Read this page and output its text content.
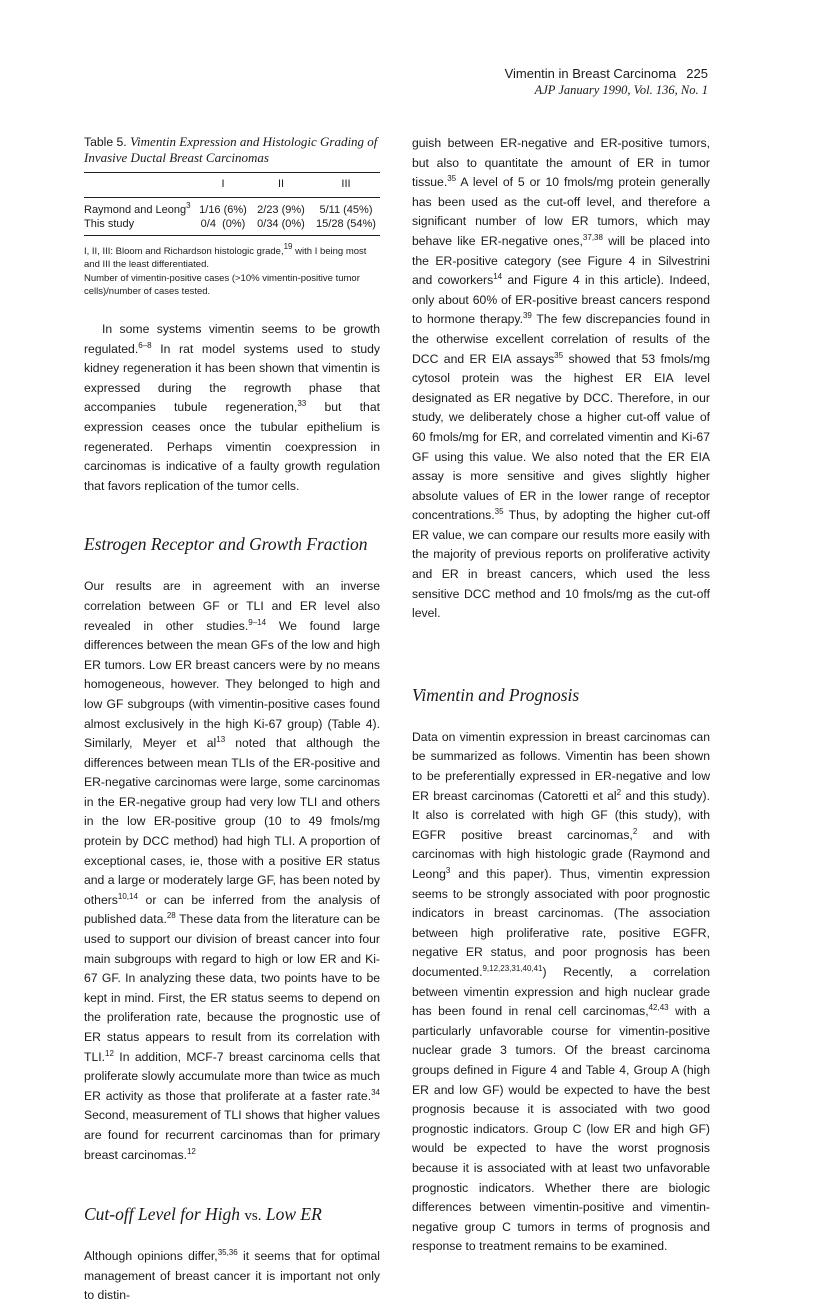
Vimentin in Breast Carcinoma 225
AJP January 1990, Vol. 136, No. 1
Table 5. Vimentin Expression and Histologic Grading of Invasive Ductal Breast Carcinomas
	I	II	III
Raymond and Leong$^3$	1/16 (6%)	2/23 (9%)	5/11 (45%)
This study	0/4  (0%)	0/34 (0%)	15/28 (54%)

I, II, III: Bloom and Richardson histologic grade,$^{19}$ with I being most and III the least differentiated.

Number of vimentin-positive cases (>10% vimentin-positive tumor cells)/number of cases tested.

In some systems vimentin seems to be growth regulated.$^{6-8}$ In rat model systems used to study kidney regeneration it has been shown that vimentin is expressed during the regrowth phase that accompanies tubule regeneration,$^{33}$ but that expression ceases once the tubular epithelium is regenerated. Perhaps vimentin coexpression in carcinomas is indicative of a faulty growth regulation that favors replication of the tumor cells.

Estrogen Receptor and Growth Fraction

Our results are in agreement with an inverse correlation between GF or TLI and ER level also revealed in other studies.$^{9-14}$ We found large differences between the mean GFs of the low and high ER tumors. Low ER breast cancers were by no means homogeneous, however. They belonged to high and low GF subgroups (with vimentin-positive cases found almost exclusively in the high Ki-67 group) (Table 4). Similarly, Meyer et $al^{13}$ noted that although the differences between mean TLIs of the ER-positive and ER-negative carcinomas were large, some carcinomas in the ER-negative group had very low TLI and others in the low ER-positive group (10 to 49 fmols/mg protein by DCC method) had high TLI. A proportion of exceptional cases, ie, those with a positive ER status and a large or moderately large GF, has been noted by others$^{10,14}$ or can be inferred from the analysis of published data.$^{28}$ These data from the literature can be used to support our division of breast cancer into four main subgroups with regard to high or low ER and Ki-67 GF. In analyzing these data, two points have to be kept in mind. First, the ER status seems to depend on the proliferation rate, because the prognostic use of ER status appears to result from its correlation with TLI.$^{12}$ In addition, MCF-7 breast carcinoma cells that proliferate slowly accumulate more than twice as much ER activity as those that proliferate at a faster rate.$^{34}$ Second, measurement of TLI shows that higher values are found for recurrent carcinomas than for primary breast carcinomas.$^{12}$

Cut-off Level for High vs. Low ER

Although opinions differ,$^{35,36}$ it seems that for optimal management of breast cancer it is important not only to distin-

guish between ER-negative and ER-positive tumors, but also to quantitate the amount of ER in tumor tissue.$^{35}$ A level of 5 or 10 fmols/mg protein generally has been used as the cut-off level, and therefore a significant number of low ER tumors, which may behave like ER-negative ones,$^{37,38}$ will be placed into the ER-positive category (see Figure 4 in Silvestrini and coworkers$^{14}$ and Figure 4 in this article). Indeed, only about 60% of ER-positive breast cancers respond to hormone therapy.$^{39}$ The few discrepancies found in the otherwise excellent correlation of results of the DCC and ER EIA assays$^{35}$ showed that 53 fmols/mg cytosol protein was the highest ER EIA level designated as ER negative by DCC. Therefore, in our study, we deliberately chose a higher cut-off value of 60 fmols/mg for ER, and correlated vimentin and Ki-67 GF using this value. We also noted that the ER EIA assay is more sensitive and gives slightly higher absolute values of ER in the lower range of receptor concentrations.$^{35}$ Thus, by adopting the higher cut-off ER value, we can compare our results more easily with the majority of previous reports on proliferative activity and ER in breast cancers, which used the less sensitive DCC method and 10 fmols/mg as the cut-off level.

Vimentin and Prognosis

Data on vimentin expression in breast carcinomas can be summarized as follows. Vimentin has been shown to be preferentially expressed in ER-negative and low ER breast carcinomas (Catoretti et $al^2$ and this study). It also is correlated with high GF (this study), with EGFR positive breast carcinomas,$^2$ and with carcinomas with high histologic grade (Raymond and Leong$^3$ and this paper). Thus, vimentin expression seems to be strongly associated with poor prognostic indicators in breast carcinomas. (The association between high proliferative rate, positive EGFR, negative ER status, and poor prognosis has been documented.$^{9,12,23,31,40,41}$) Recently, a correlation between vimentin expression and high nuclear grade has been found in renal cell carcinomas,$^{42,43}$ with a particularly unfavorable course for vimentin-positive nuclear grade 3 tumors. Of the breast carcinoma groups defined in Figure 4 and Table 4, Group A (high ER and low GF) would be expected to have the best prognosis because it is associated with two good prognostic indicators. Group C (low ER and high GF) would be expected to have the worst prognosis because it is associated with at least two unfavorable prognostic indicators. Whether there are biologic differences between vimentin-positive and vimentin-negative group C tumors in terms of prognosis and response to treatment remains to be examined.
